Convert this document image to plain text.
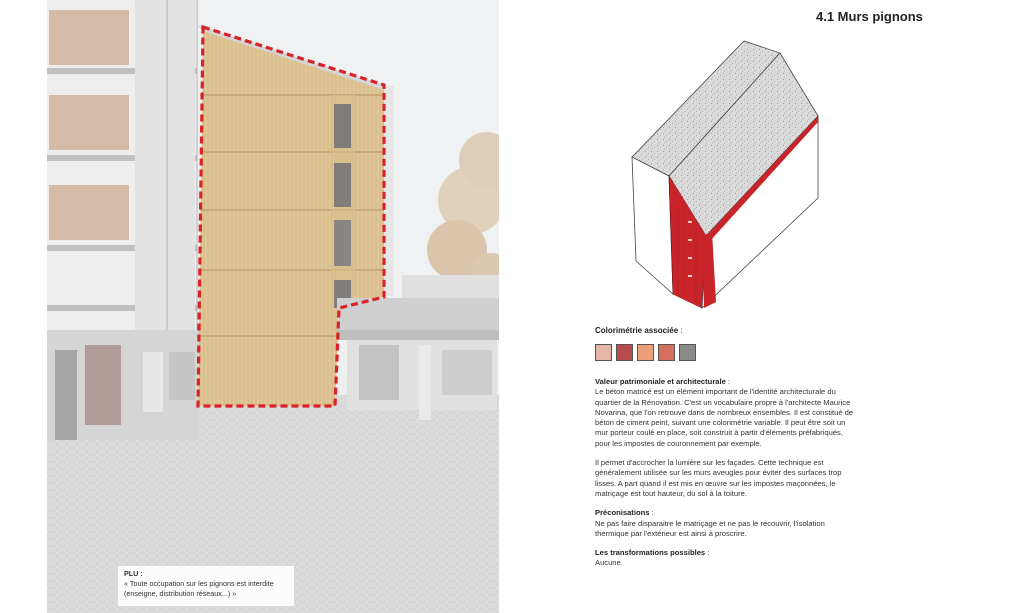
PLU :
« Toute occupation sur les pignons est interdite (enseigne, distribution réseaux...) »
4.1 Murs pignons
Colorimétrie associée :

Valeur patrimoniale et architecturale :

Le béton matricé est un élément important de l'identité architecturale du quartier de la Rénovation. C'est un vocabulaire propre à l'architecte Maurice Novarina, que l'on retrouve dans de nombreux ensembles. Il est constitué de béton de ciment peint, suivant une colorimétrie variable. Il peut être soit un mur porteur coulé en place, soit construit à partir d'éléments préfabriqués, pour les impostes de couronnement par exemple.

Il permet d'accrocher la lumière sur les façades. Cette technique est généralement utilisée sur les murs aveugles pour éviter des surfaces trop lisses. A part quand il est mis en œuvre sur les impostes maçonnées, le matriçage est tout hauteur, du sol à la toiture.

Préconisations :

Ne pas faire disparaitre le matriçage et ne pas le recouvrir, l'isolation thermique par l'extérieur est ainsi à proscrire.

Les transformations possibles :

Aucune.
